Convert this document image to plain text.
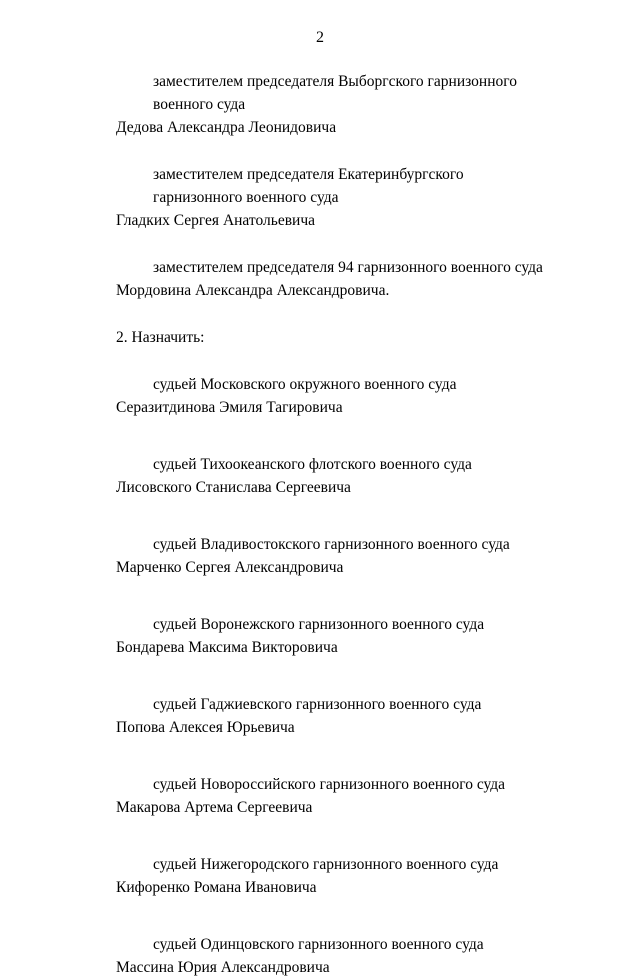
2
заместителем председателя Выборгского гарнизонного
военного суда
Дедова Александра Леонидовича
заместителем председателя Екатеринбургского
гарнизонного военного суда
Гладких Сергея Анатольевича
заместителем председателя 94 гарнизонного военного суда
Мордовина Александра Александровича.
2. Назначить:
судьей Московского окружного военного суда
Серазитдинова Эмиля Тагировича
судьей Тихоокеанского флотского военного суда
Лисовского Станислава Сергеевича
судьей Владивостокского гарнизонного военного суда
Марченко Сергея Александровича
судьей Воронежского гарнизонного военного суда
Бондарева Максима Викторовича
судьей Гаджиевского гарнизонного военного суда
Попова Алексея Юрьевича
судьей Новороссийского гарнизонного военного суда
Макарова Артема Сергеевича
судьей Нижегородского гарнизонного военного суда
Кифоренко Романа Ивановича
судьей Одинцовского гарнизонного военного суда
Массина Юрия Александровича
